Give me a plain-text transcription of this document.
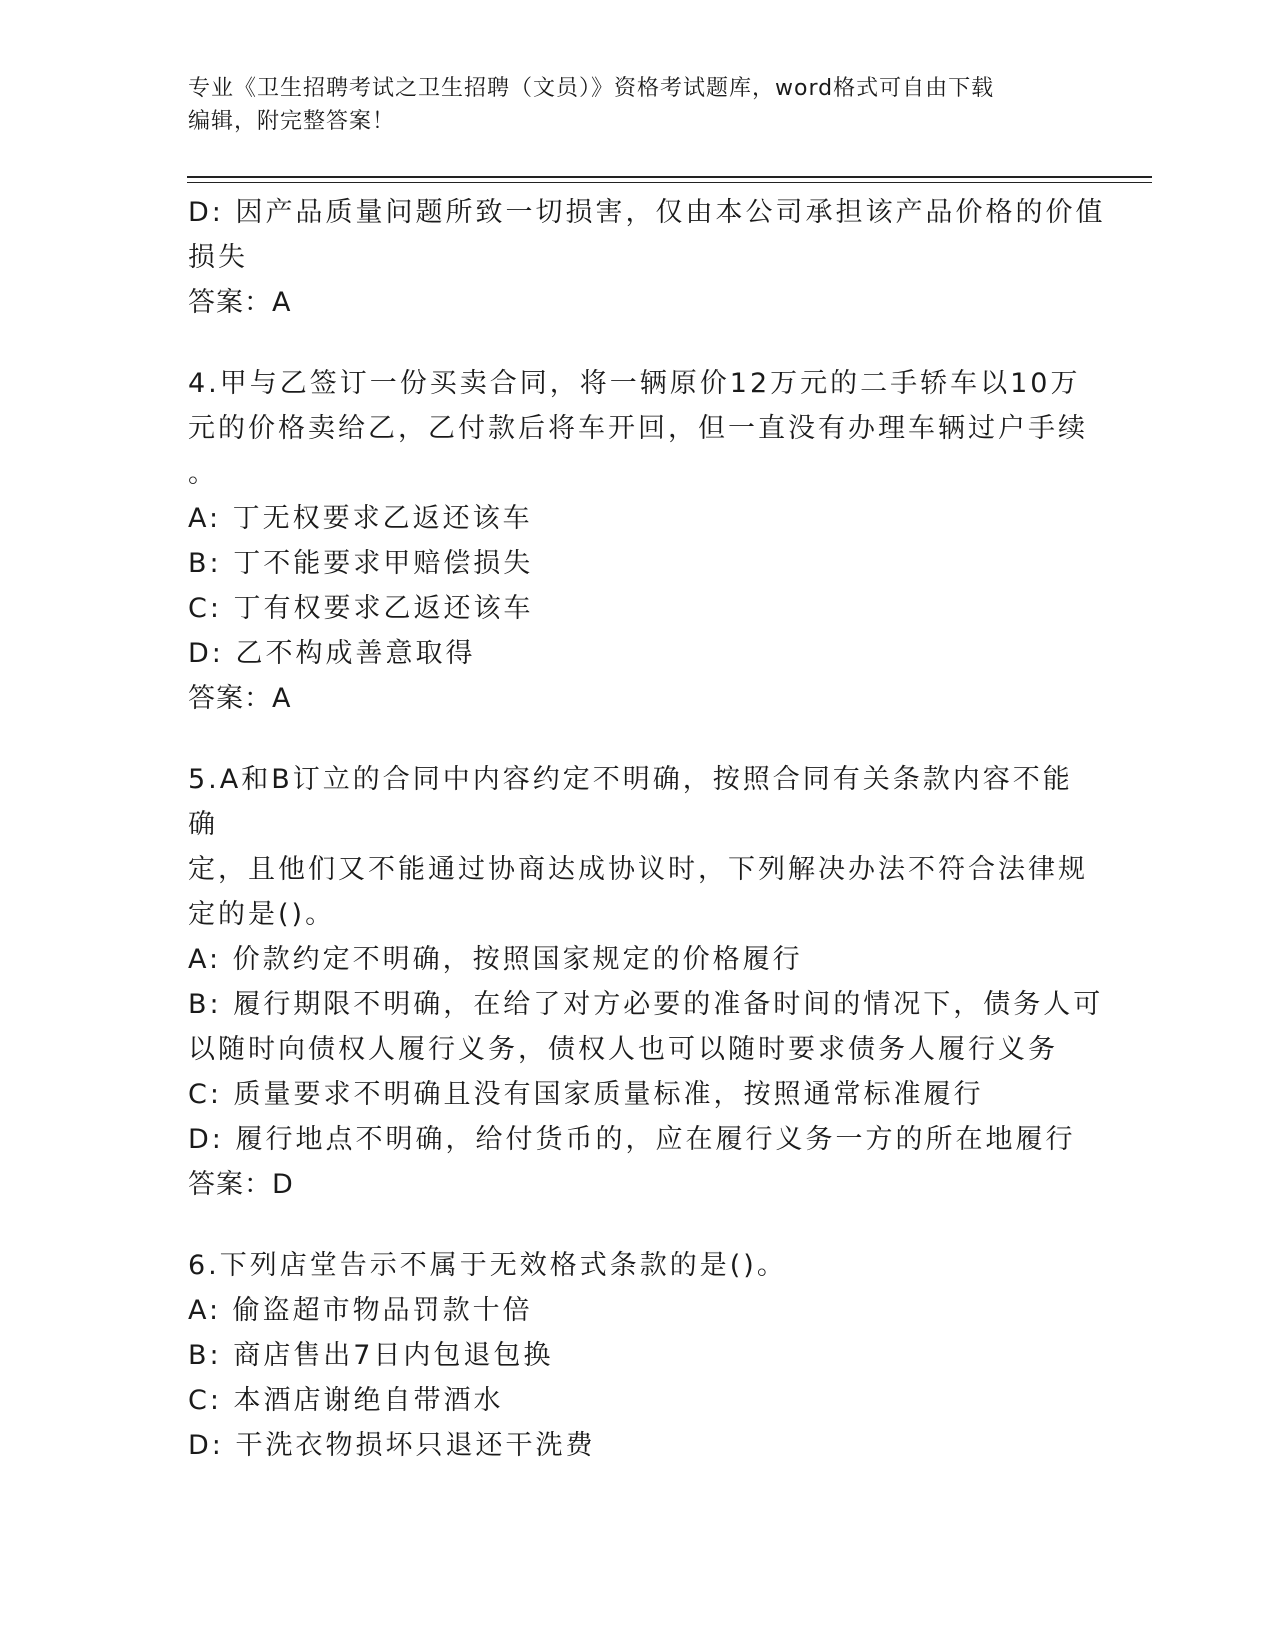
专业《卫生招聘考试之卫生招聘（文员）》资格考试题库，word格式可自由下载
编辑，附完整答案！
D: 因产品质量问题所致一切损害，仅由本公司承担该产品价格的价值
损失
答案：A
4.甲与乙签订一份买卖合同，将一辆原价12万元的二手轿车以10万
元的价格卖给乙，乙付款后将车开回，但一直没有办理车辆过户手续
。
A: 丁无权要求乙返还该车
B: 丁不能要求甲赔偿损失
C: 丁有权要求乙返还该车
D: 乙不构成善意取得
答案：A
5.A和B订立的合同中内容约定不明确，按照合同有关条款内容不能确
定，且他们又不能通过协商达成协议时，下列解决办法不符合法律规
定的是()。
A: 价款约定不明确，按照国家规定的价格履行
B: 履行期限不明确，在给了对方必要的准备时间的情况下，债务人可
以随时向债权人履行义务，债权人也可以随时要求债务人履行义务
C: 质量要求不明确且没有国家质量标准，按照通常标准履行
D: 履行地点不明确，给付货币的，应在履行义务一方的所在地履行
答案：D
6.下列店堂告示不属于无效格式条款的是()。
A: 偷盗超市物品罚款十倍
B: 商店售出7日内包退包换
C: 本酒店谢绝自带酒水
D: 干洗衣物损坏只退还干洗费
